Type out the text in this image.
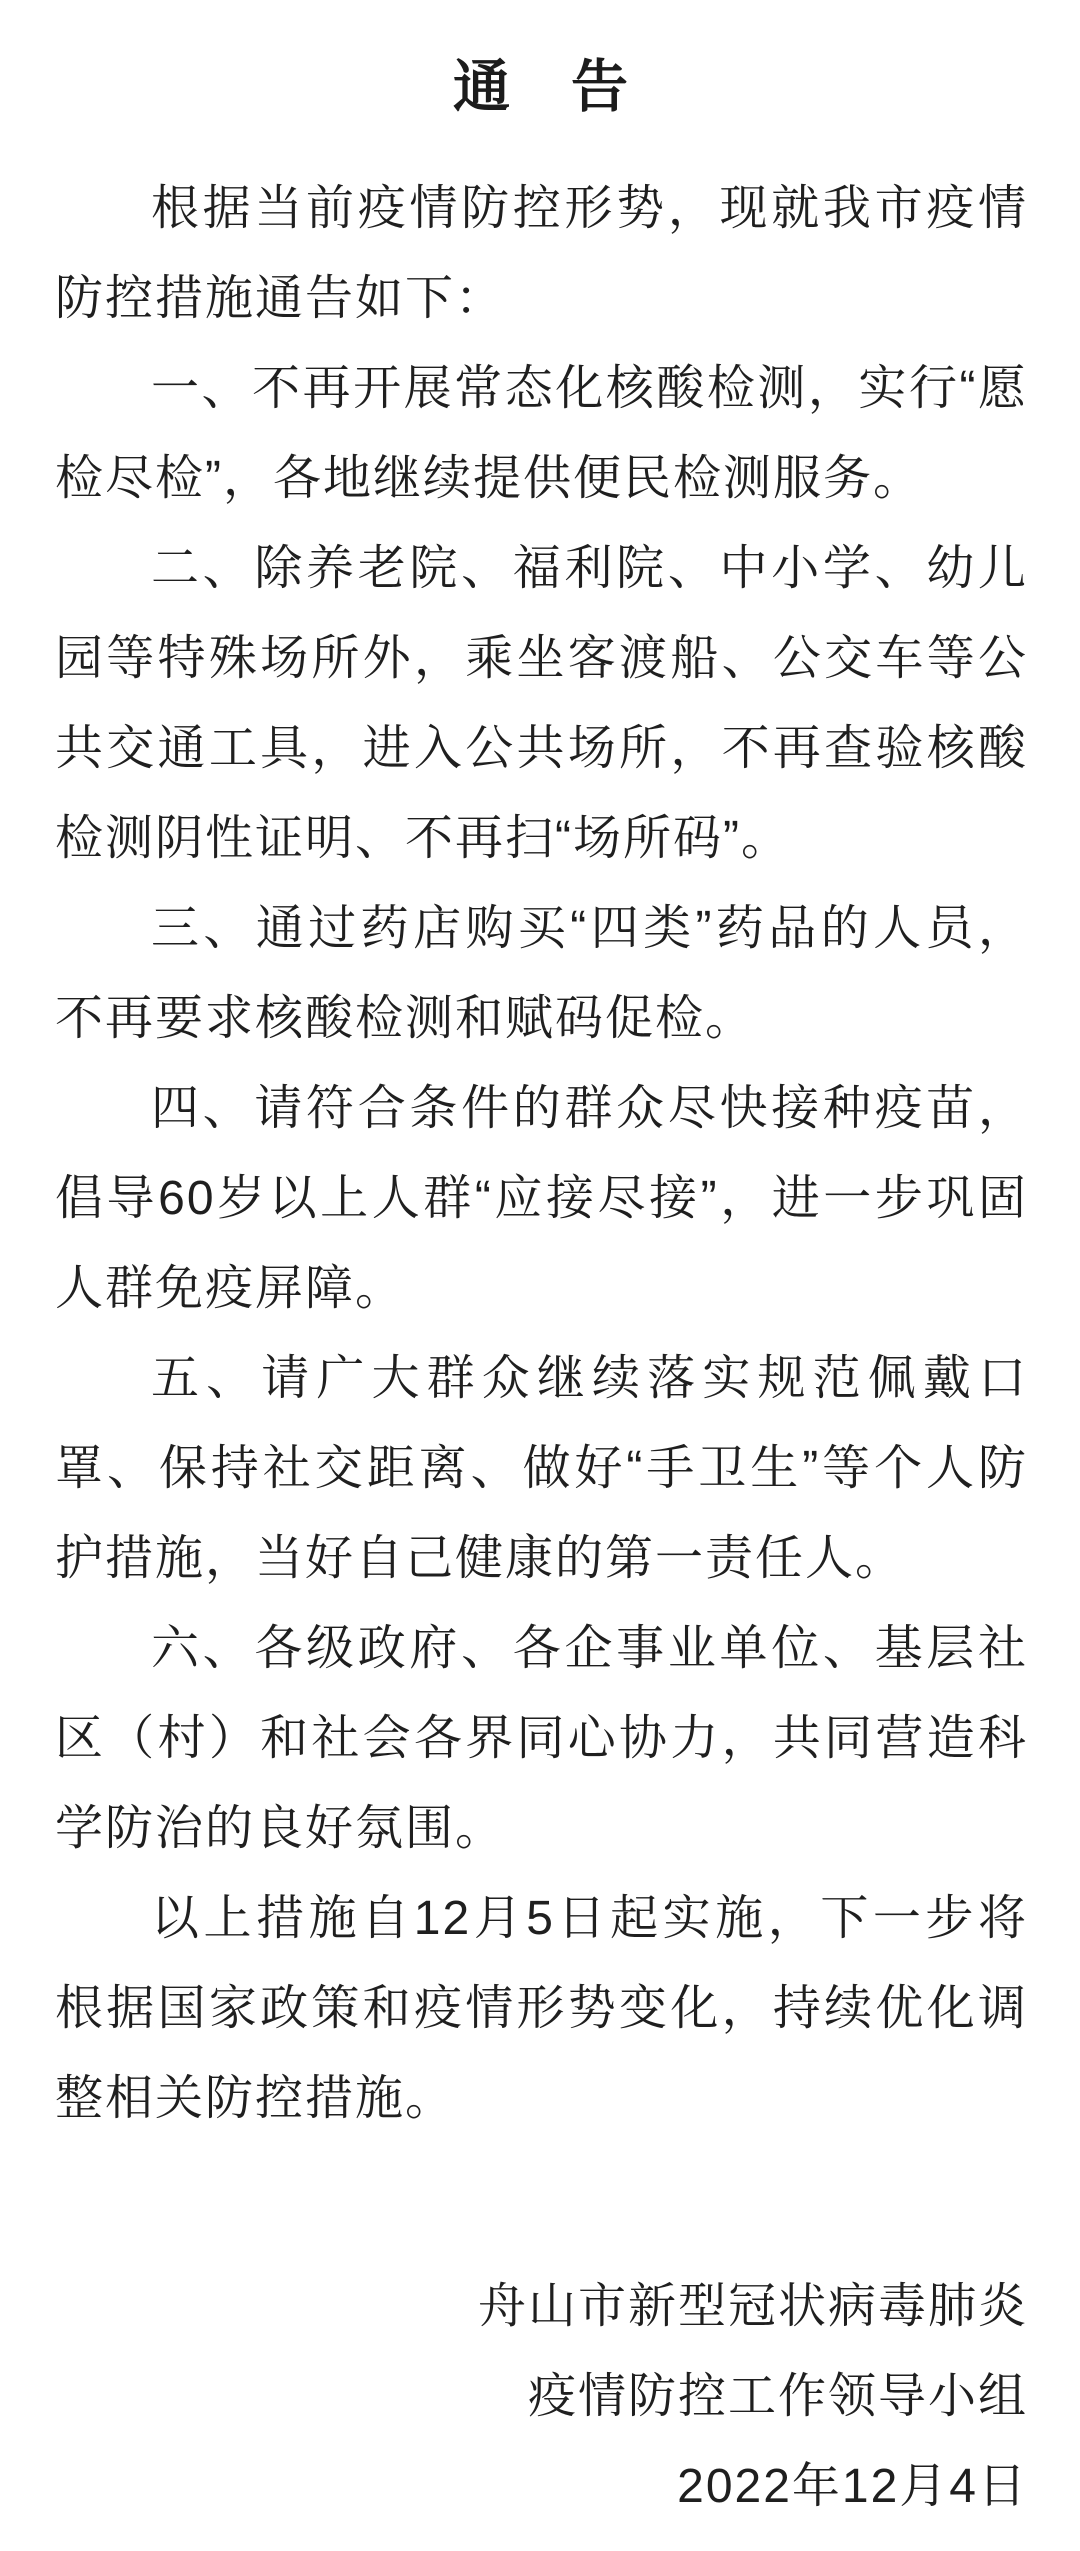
通　告

根据当前疫情防控形势，现就我市疫情防控措施通告如下：

一、不再开展常态化核酸检测，实行“愿检尽检”，各地继续提供便民检测服务。

二、除养老院、福利院、中小学、幼儿园等特殊场所外，乘坐客渡船、公交车等公共交通工具，进入公共场所，不再查验核酸检测阴性证明、不再扫“场所码”。

三、通过药店购买“四类”药品的人员，不再要求核酸检测和赋码促检。

四、请符合条件的群众尽快接种疫苗，倡导60岁以上人群“应接尽接”，进一步巩固人群免疫屏障。

五、请广大群众继续落实规范佩戴口罩、保持社交距离、做好“手卫生”等个人防护措施，当好自己健康的第一责任人。

六、各级政府、各企事业单位、基层社区（村）和社会各界同心协力，共同营造科学防治的良好氛围。

以上措施自12月5日起实施，下一步将根据国家政策和疫情形势变化，持续优化调整相关防控措施。

舟山市新型冠状病毒肺炎

疫情防控工作领导小组

2022年12月4日
